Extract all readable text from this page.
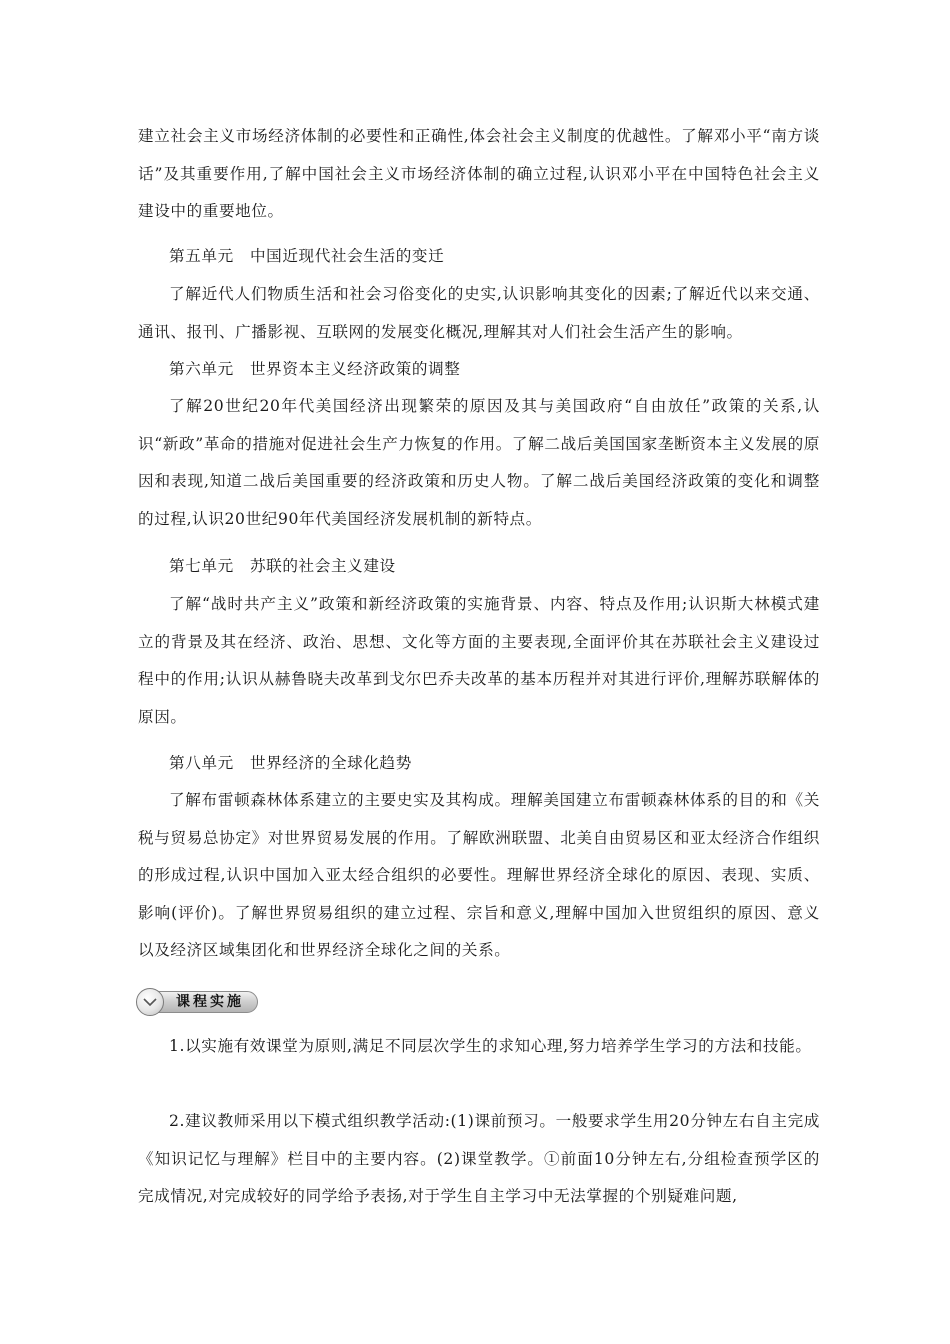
建立社会主义市场经济体制的必要性和正确性,体会社会主义制度的优越性。了解邓小平“南方谈话”及其重要作用,了解中国社会主义市场经济体制的确立过程,认识邓小平在中国特色社会主义建设中的重要地位。

第五单元　中国近现代社会生活的变迁

了解近代人们物质生活和社会习俗变化的史实,认识影响其变化的因素;了解近代以来交通、通讯、报刊、广播影视、互联网的发展变化概况,理解其对人们社会生活产生的影响。

第六单元　世界资本主义经济政策的调整

了解20世纪20年代美国经济出现繁荣的原因及其与美国政府“自由放任”政策的关系,认识“新政”革命的措施对促进社会生产力恢复的作用。了解二战后美国国家垄断资本主义发展的原因和表现,知道二战后美国重要的经济政策和历史人物。了解二战后美国经济政策的变化和调整的过程,认识20世纪90年代美国经济发展机制的新特点。

第七单元　苏联的社会主义建设

了解“战时共产主义”政策和新经济政策的实施背景、内容、特点及作用;认识斯大林模式建立的背景及其在经济、政治、思想、文化等方面的主要表现,全面评价其在苏联社会主义建设过程中的作用;认识从赫鲁晓夫改革到戈尔巴乔夫改革的基本历程并对其进行评价,理解苏联解体的原因。

第八单元　世界经济的全球化趋势

了解布雷顿森林体系建立的主要史实及其构成。理解美国建立布雷顿森林体系的目的和《关税与贸易总协定》对世界贸易发展的作用。了解欧洲联盟、北美自由贸易区和亚太经济合作组织的形成过程,认识中国加入亚太经合组织的必要性。理解世界经济全球化的原因、表现、实质、影响(评价)。了解世界贸易组织的建立过程、宗旨和意义,理解中国加入世贸组织的原因、意义以及经济区域集团化和世界经济全球化之间的关系。

课程实施

1.以实施有效课堂为原则,满足不同层次学生的求知心理,努力培养学生学习的方法和技能。

2.建议教师采用以下模式组织教学活动:(1)课前预习。一般要求学生用20分钟左右自主完成《知识记忆与理解》栏目中的主要内容。(2)课堂教学。①前面10分钟左右,分组检查预学区的完成情况,对完成较好的同学给予表扬,对于学生自主学习中无法掌握的个别疑难问题,
